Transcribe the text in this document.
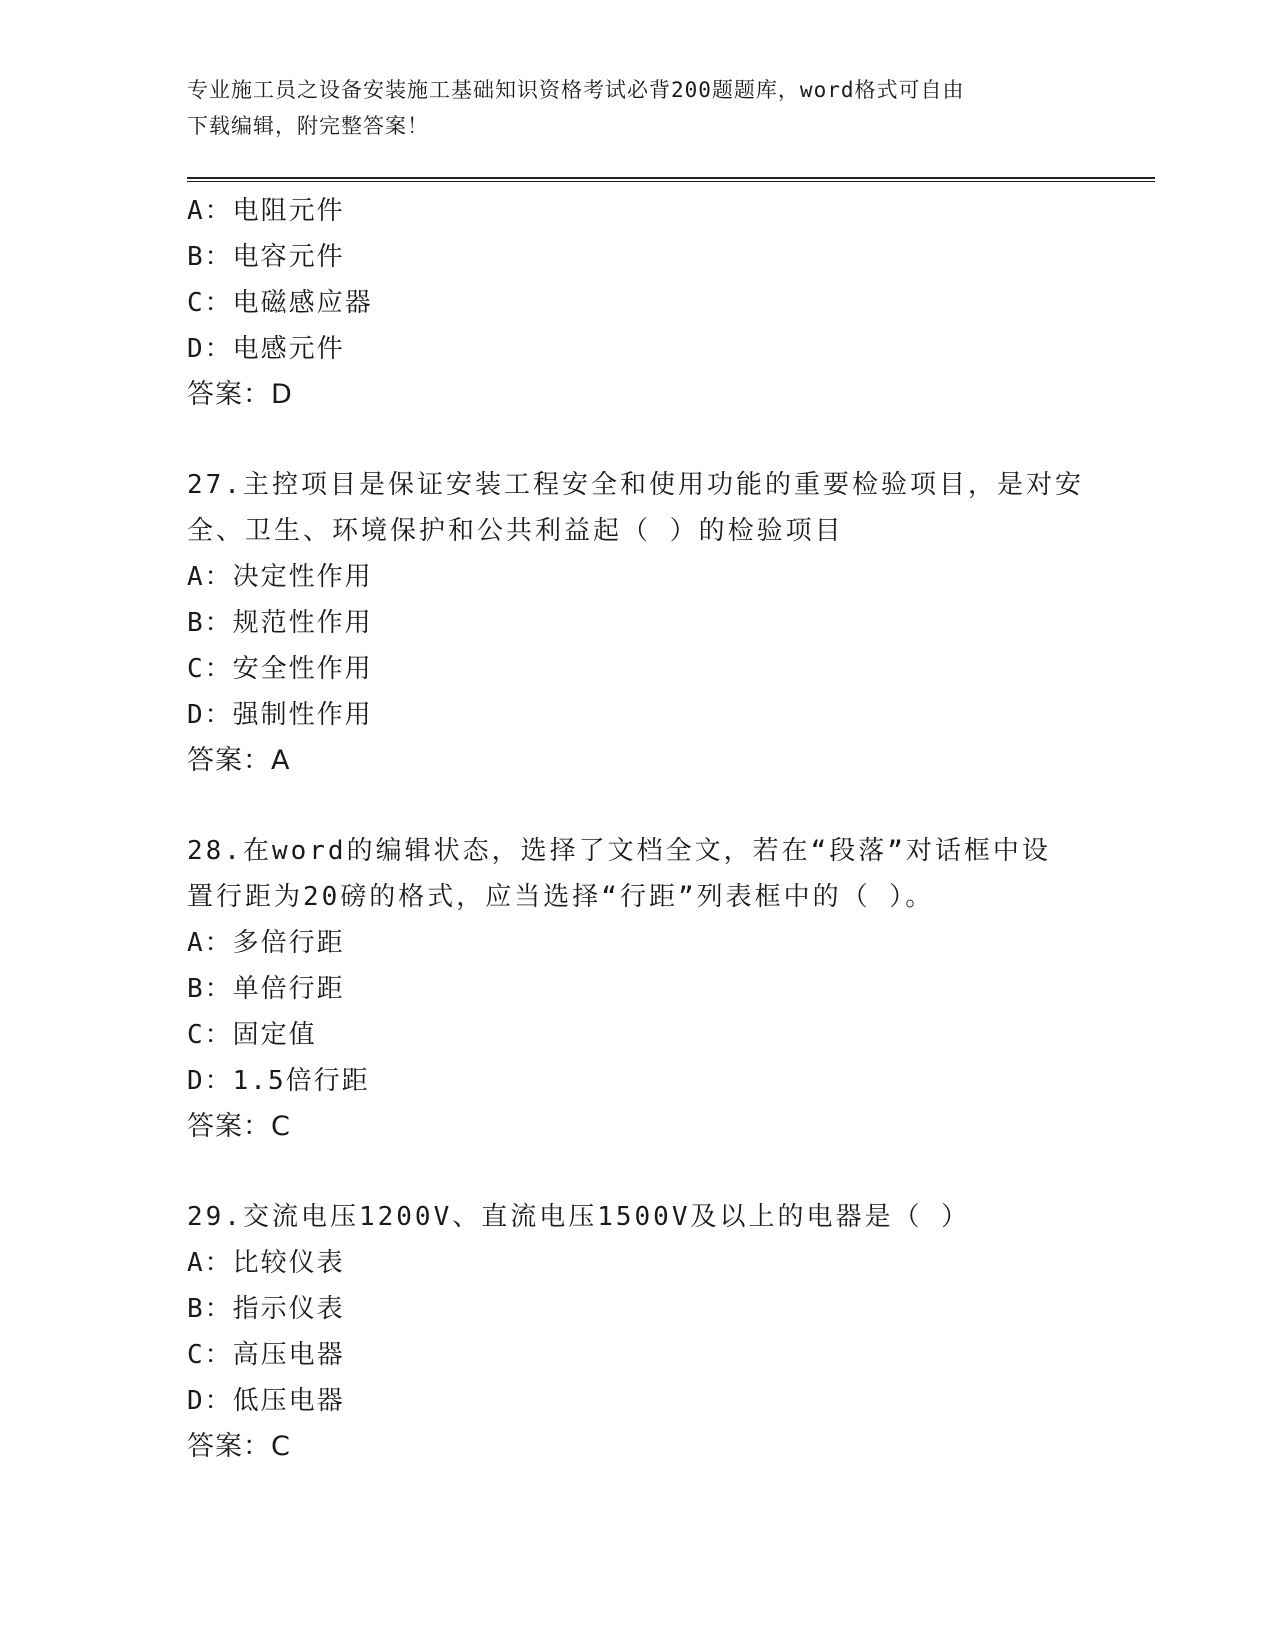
专业施工员之设备安装施工基础知识资格考试必背200题题库，word格式可自由
下载编辑，附完整答案！
A：电阻元件
B：电容元件
C：电磁感应器
D：电感元件
答案：D
27.主控项目是保证安装工程安全和使用功能的重要检验项目，是对安
全、卫生、环境保护和公共利益起（ ）的检验项目
A：决定性作用
B：规范性作用
C：安全性作用
D：强制性作用
答案：A
28.在word的编辑状态，选择了文档全文，若在“段落”对话框中设
置行距为20磅的格式，应当选择“行距”列表框中的（ ）。
A：多倍行距
B：单倍行距
C：固定值
D：1.5倍行距
答案：C
29.交流电压1200V、直流电压1500V及以上的电器是（ ）
A：比较仪表
B：指示仪表
C：高压电器
D：低压电器
答案：C
